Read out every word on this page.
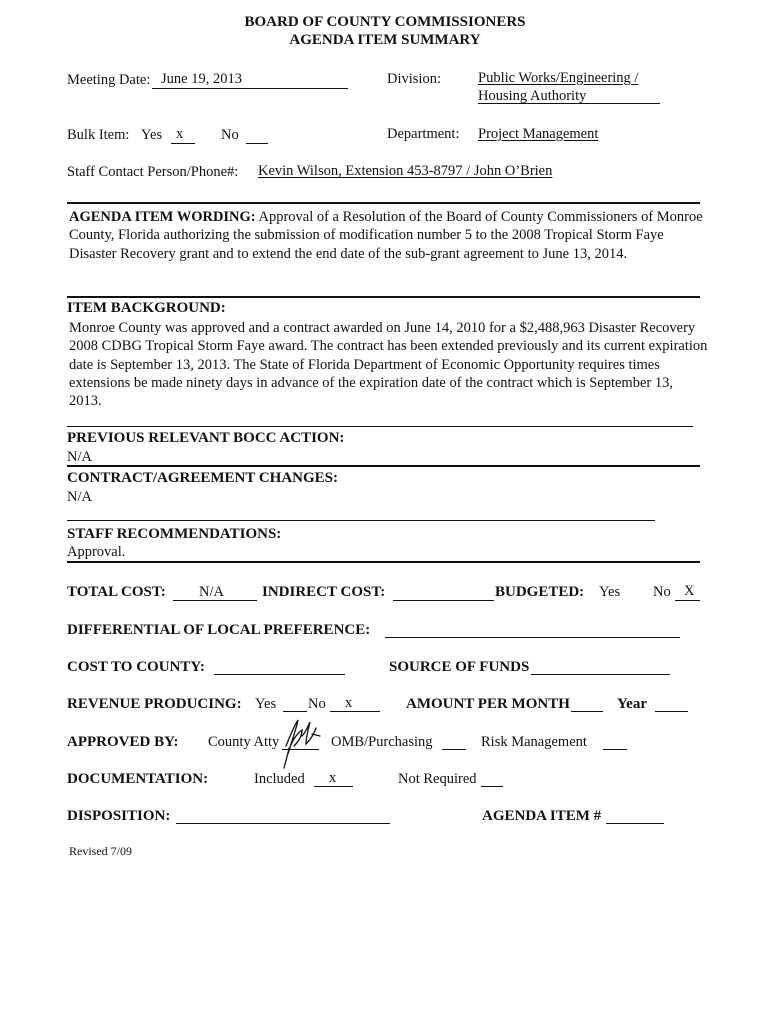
BOARD OF COUNTY COMMISSIONERS
AGENDA ITEM SUMMARY
Meeting Date: June 19, 2013	Division:	Public Works/Engineering /
Housing Authority
Bulk Item: Yes x	No	Department: Project Management
Staff Contact Person/Phone#: Kevin Wilson, Extension 453-8797 / John O’Brien
AGENDA ITEM WORDING: Approval of a Resolution of the Board of County Commissioners of Monroe County, Florida authorizing the submission of modification number 5 to the 2008 Tropical Storm Faye Disaster Recovery grant and to extend the end date of the sub-grant agreement to June 13, 2014.
ITEM BACKGROUND:
Monroe County was approved and a contract awarded on June 14, 2010 for a $2,488,963 Disaster Recovery 2008 CDBG Tropical Storm Faye award. The contract has been extended previously and its current expiration date is September 13, 2013. The State of Florida Department of Economic Opportunity requires times extensions be made ninety days in advance of the expiration date of the contract which is September 13, 2013.
PREVIOUS RELEVANT BOCC ACTION:
N/A
CONTRACT/AGREEMENT CHANGES:
N/A
STAFF RECOMMENDATIONS:
Approval.
TOTAL COST: N/A	INDIRECT COST:	BUDGETED: Yes No X
DIFFERENTIAL OF LOCAL PREFERENCE:
COST TO COUNTY:	SOURCE OF FUNDS
REVENUE PRODUCING: Yes No x	AMOUNT PER MONTH	Year
APPROVED BY: County Atty	OMB/Purchasing	Risk Management
DOCUMENTATION:	Included x	Not Required
DISPOSITION:	AGENDA ITEM #
Revised 7/09
